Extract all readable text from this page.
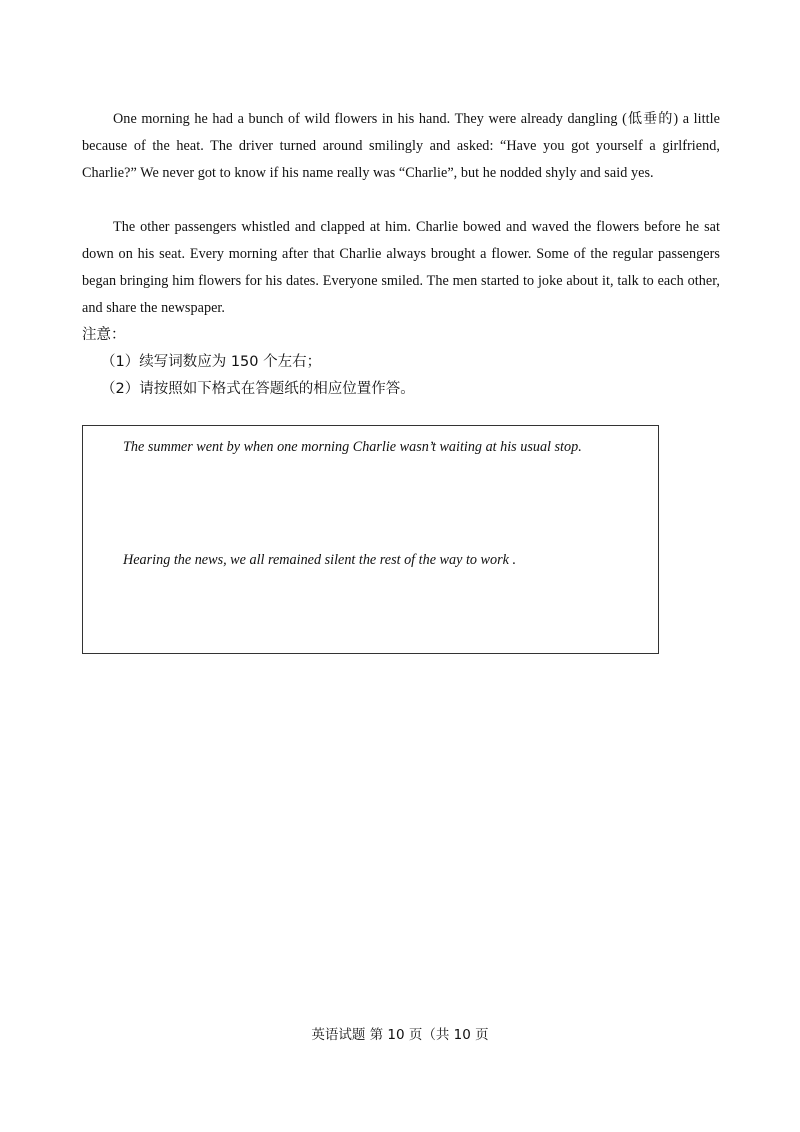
One morning he had a bunch of wild flowers in his hand. They were already dangling (低垂的) a little because of the heat. The driver turned around smilingly and asked: “Have you got yourself a girlfriend, Charlie?” We never got to know if his name really was “Charlie”, but he nodded shyly and said yes.

The other passengers whistled and clapped at him. Charlie bowed and waved the flowers before he sat down on his seat. Every morning after that Charlie always brought a flower. Some of the regular passengers began bringing him flowers for his dates. Everyone smiled. The men started to joke about it, talk to each other, and share the newspaper.

注意：

（1）续写词数应为 150 个左右；

（2）请按照如下格式在答题纸的相应位置作答。

The summer went by when one morning Charlie wasn’t waiting at his usual stop.

Hearing the news, we all remained silent the rest of the way to work .

英语试题 第 10 页（共 10 页
